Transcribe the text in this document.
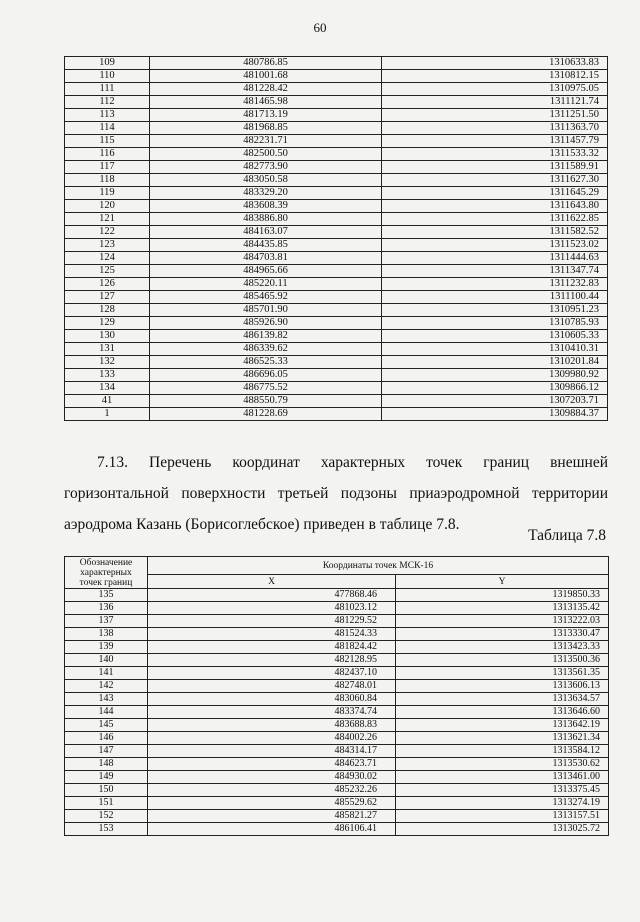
60
109	480786.85	1310633.83
110	481001.68	1310812.15
111	481228.42	1310975.05
112	481465.98	1311121.74
113	481713.19	1311251.50
114	481968.85	1311363.70
115	482231.71	1311457.79
116	482500.50	1311533.32
117	482773.90	1311589.91
118	483050.58	1311627.30
119	483329.20	1311645.29
120	483608.39	1311643.80
121	483886.80	1311622.85
122	484163.07	1311582.52
123	484435.85	1311523.02
124	484703.81	1311444.63
125	484965.66	1311347.74
126	485220.11	1311232.83
127	485465.92	1311100.44
128	485701.90	1310951.23
129	485926.90	1310785.93
130	486139.82	1310605.33
131	486339.62	1310410.31
132	486525.33	1310201.84
133	486696.05	1309980.92
134	486775.52	1309866.12
41	488550.79	1307203.71
1	481228.69	1309884.37

7.13. Перечень координат характерных точек границ внешней горизонтальной поверхности третьей подзоны приаэродромной территории аэродрома Казань (Борисоглебское) приведен в таблице 7.8.

Таблица 7.8
Обозначение характерных точек границ	Координаты точек МСК-16	
	X	Y
135	477868.46	1319850.33
136	481023.12	1313135.42
137	481229.52	1313222.03
138	481524.33	1313330.47
139	481824.42	1313423.33
140	482128.95	1313500.36
141	482437.10	1313561.35
142	482748.01	1313606.13
143	483060.84	1313634.57
144	483374.74	1313646.60
145	483688.83	1313642.19
146	484002.26	1313621.34
147	484314.17	1313584.12
148	484623.71	1313530.62
149	484930.02	1313461.00
150	485232.26	1313375.45
151	485529.62	1313274.19
152	485821.27	1313157.51
153	486106.41	1313025.72
